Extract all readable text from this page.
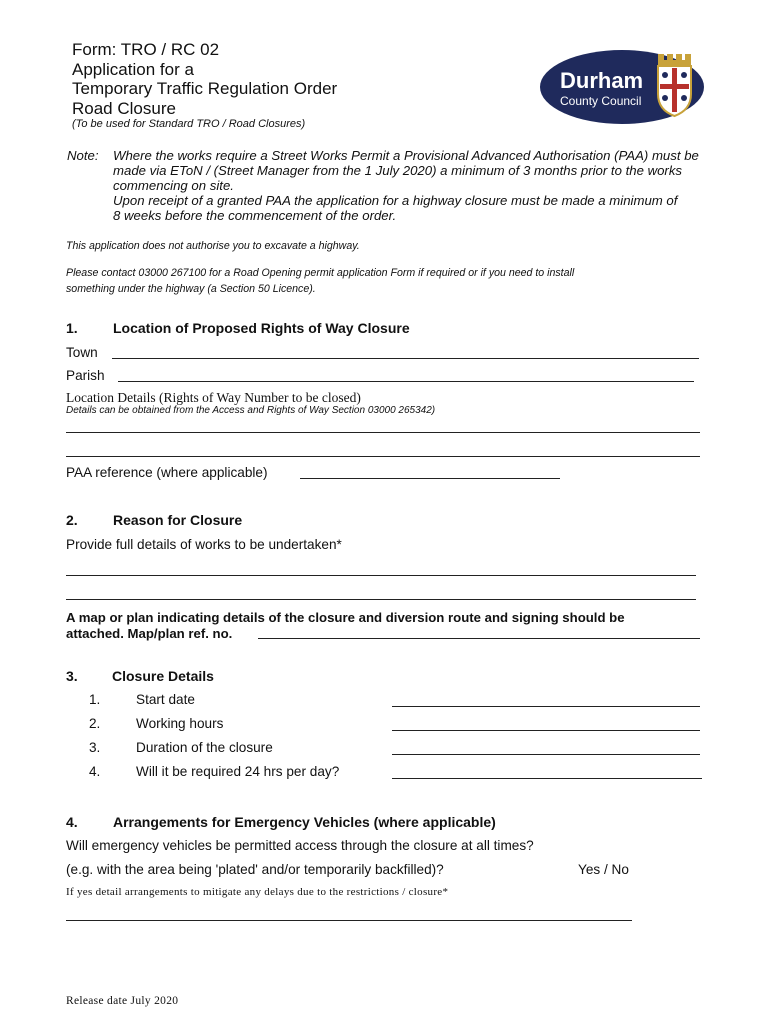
Form: TRO / RC 02
Application for a
Temporary Traffic Regulation Order
Road Closure
(To be used for Standard TRO / Road Closures)
Durham
County Council
Note: Where the works require a Street Works Permit a Provisional Advanced Authorisation (PAA) must be
made via EToN / (Street Manager from the 1 July 2020) a minimum of 3 months prior to the works
commencing on site.
Upon receipt of a granted PAA the application for a highway closure must be made a minimum of
8 weeks before the commencement of the order.
This application does not authorise you to excavate a highway.
Please contact 03000 267100 for a Road Opening permit application Form if required or if you need to install
something under the highway (a Section 50 Licence).
1.	Location of Proposed Rights of Way Closure
Town
Parish
Location Details (Rights of Way Number to be closed)
Details can be obtained from the Access and Rights of Way Section 03000 265342)
PAA reference (where applicable)
2.	Reason for Closure
Provide full details of works to be undertaken*
A map or plan indicating details of the closure and diversion route and signing should be
attached. Map/plan ref. no.
3. Closure Details
1.	Start date
2.	Working hours
3.	Duration of the closure
4.	Will it be required 24 hrs per day?
4.	Arrangements for Emergency Vehicles (where applicable)
Will emergency vehicles be permitted access through the closure at all times?
(e.g. with the area being 'plated' and/or temporarily backfilled)?	Yes / No
If yes detail arrangements to mitigate any delays due to the restrictions / closure*
Release date July 2020
